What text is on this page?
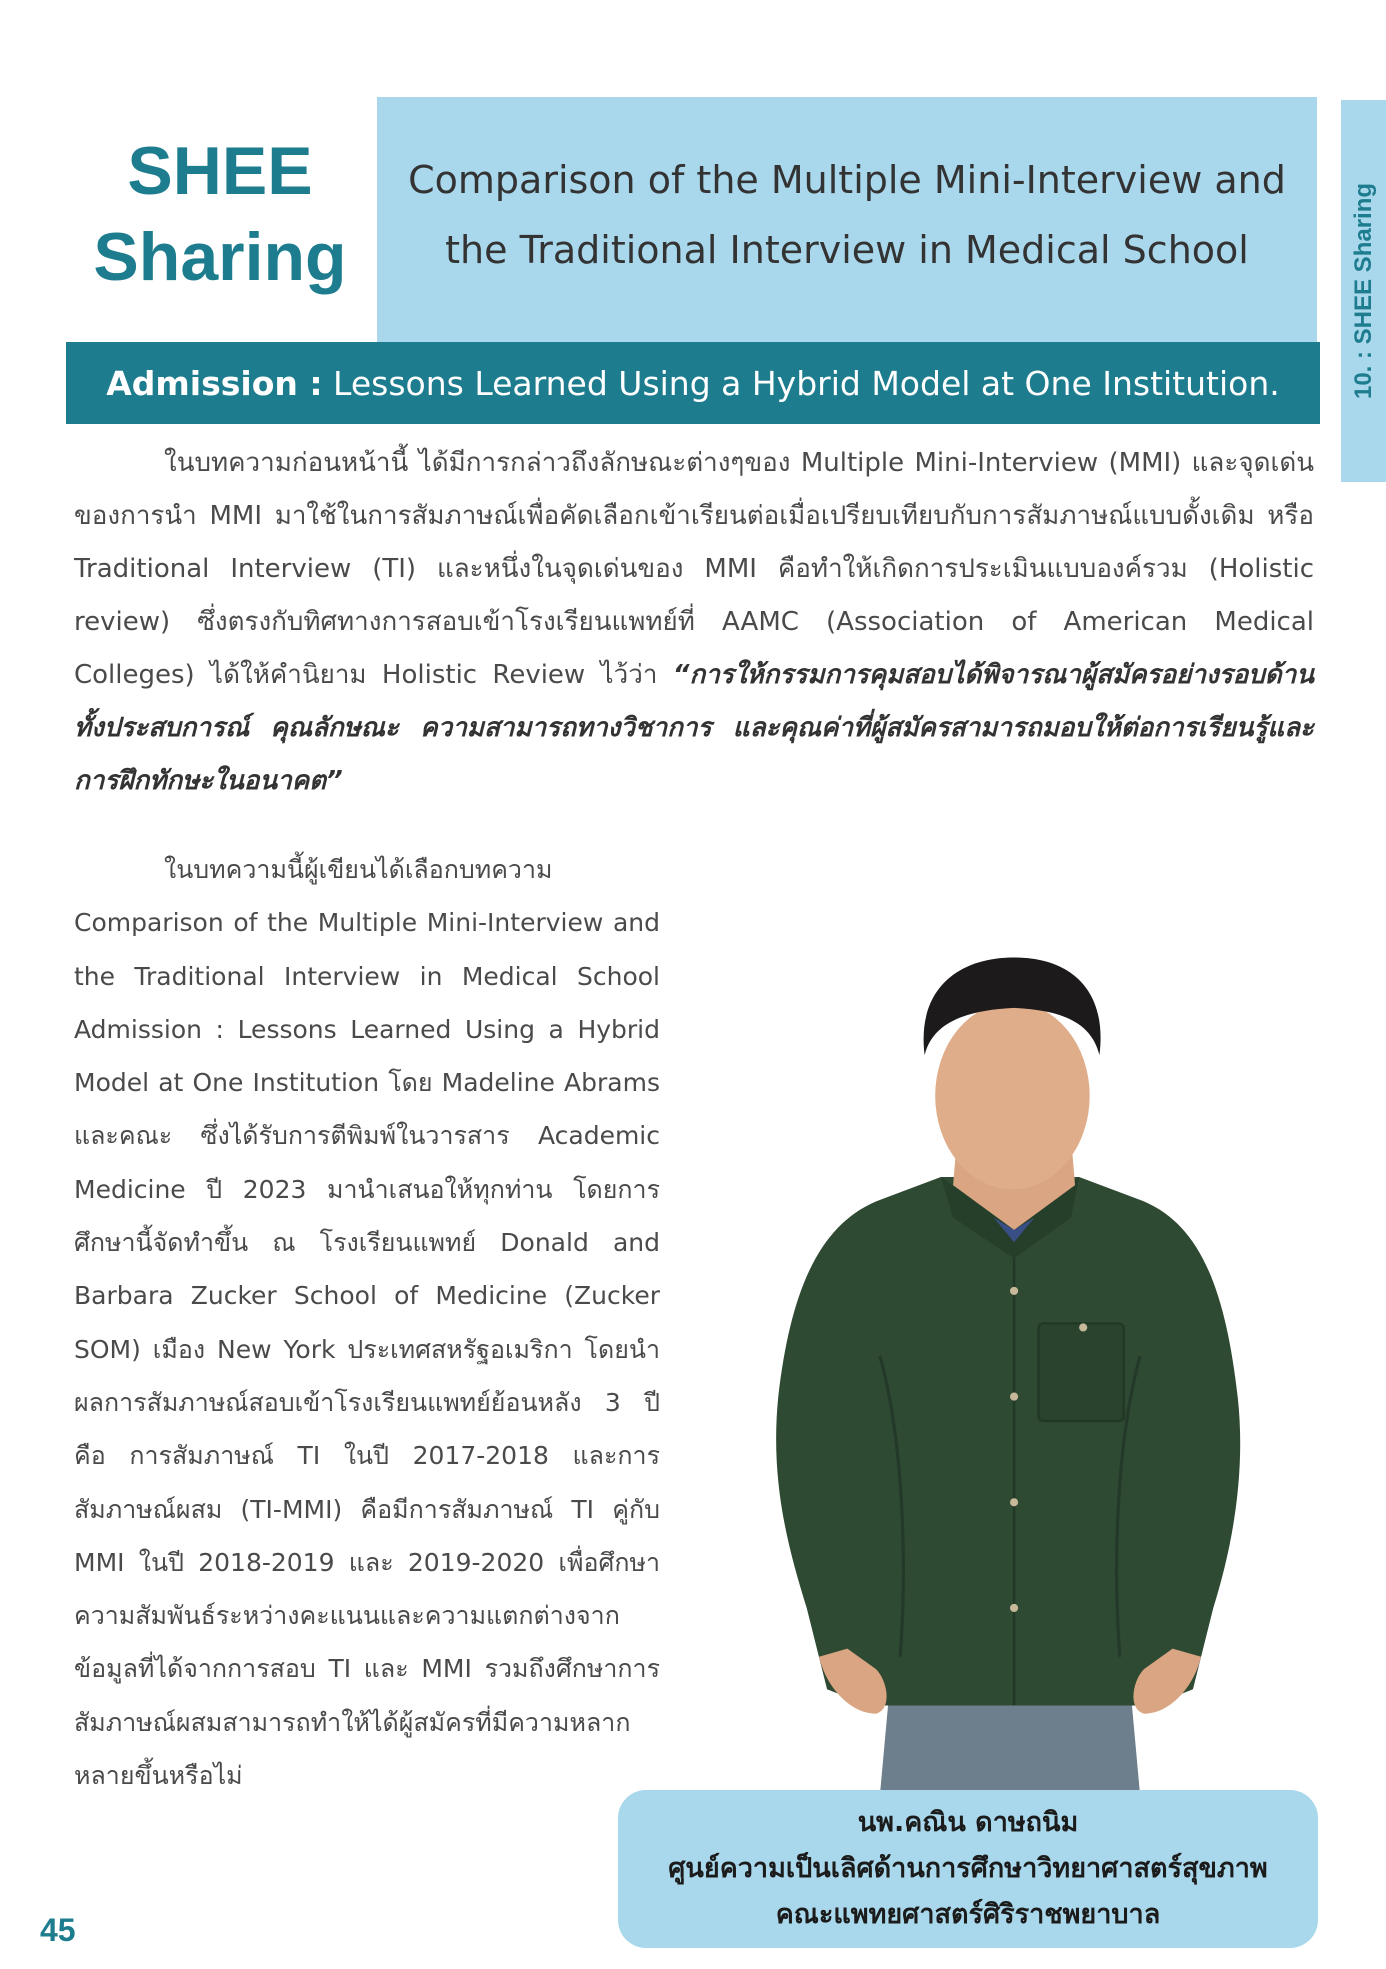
SHEE
Sharing
Comparison of the Multiple Mini-Interview and
the Traditional Interview in Medical School
Admission : Lessons Learned Using a Hybrid Model at One Institution.	10. : SHEE Sharing

ในบทความก่อนหน้านี้ ได้มีการกล่าวถึงลักษณะต่างๆของ Multiple Mini-Interview (MMI) และจุดเด่นของการนำ MMI มาใช้ในการสัมภาษณ์เพื่อคัดเลือกเข้าเรียนต่อเมื่อเปรียบเทียบกับการสัมภาษณ์แบบดั้งเดิม หรือ Traditional Interview (TI) และหนึ่งในจุดเด่นของ MMI คือทำให้เกิดการประเมินแบบองค์รวม (Holistic review) ซึ่งตรงกับทิศทางการสอบเข้าโรงเรียนแพทย์ที่ AAMC (Association of American Medical Colleges) ได้ให้คำนิยาม Holistic Review ไว้ว่า “การให้กรรมการคุมสอบได้พิจารณาผู้สมัครอย่างรอบด้าน ทั้งประสบการณ์ คุณลักษณะ ความสามารถทางวิชาการ และคุณค่าที่ผู้สมัครสามารถมอบให้ต่อการเรียนรู้และการฝึกทักษะในอนาคต”

ในบทความนี้ผู้เขียนได้เลือกบทความ Comparison of the Multiple Mini-Interview and the Traditional Interview in Medical School Admission : Lessons Learned Using a Hybrid Model at One Institution โดย Madeline Abrams และคณะ ซึ่งได้รับการตีพิมพ์ในวารสาร Academic Medicine ปี 2023 มานำเสนอให้ทุกท่าน โดยการศึกษานี้จัดทำขึ้น ณ โรงเรียนแพทย์ Donald and Barbara Zucker School of Medicine (Zucker SOM) เมือง New York ประเทศสหรัฐอเมริกา โดยนำผลการสัมภาษณ์สอบเข้าโรงเรียนแพทย์ย้อนหลัง 3 ปี คือ การสัมภาษณ์ TI ในปี 2017-2018 และการสัมภาษณ์ผสม (TI-MMI) คือมีการสัมภาษณ์ TI คู่กับ MMI ในปี 2018-2019 และ 2019-2020 เพื่อศึกษาความสัมพันธ์ระหว่างคะแนนและความแตกต่างจากข้อมูลที่ได้จากการสอบ TI และ MMI รวมถึงศึกษาการสัมภาษณ์ผสมสามารถทำให้ได้ผู้สมัครที่มีความหลากหลายขึ้นหรือไม่

นพ.คณิน ดาษถนิม
ศูนย์ความเป็นเลิศด้านการศึกษาวิทยาศาสตร์สุขภาพ
คณะแพทยศาสตร์ศิริราชพยาบาล
45
